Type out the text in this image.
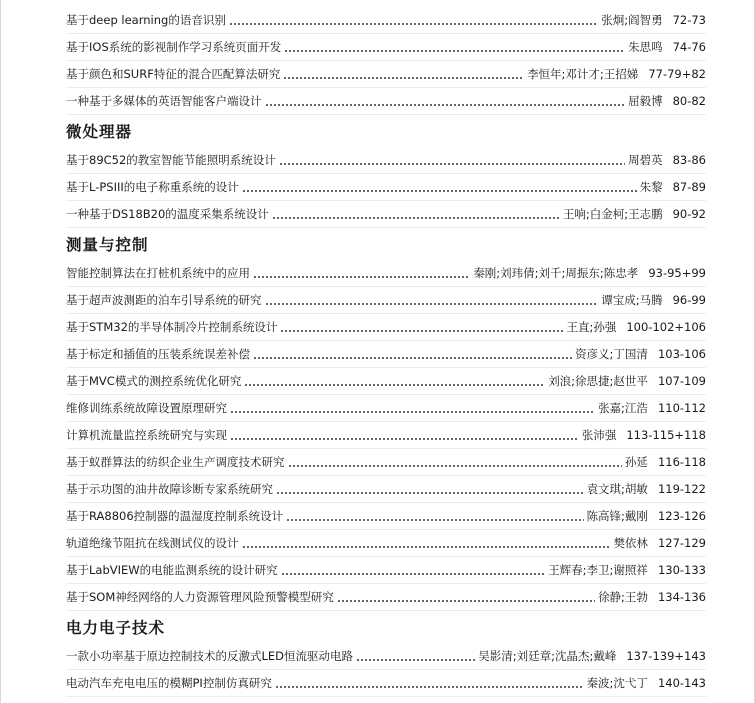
基于deep learning的语音识别	张炯;阎智勇 72-73
基于IOS系统的影视制作学习系统页面开发	朱思鸣 74-76
基于颜色和SURF特征的混合匹配算法研究	李恒年;邓计才;王招娣 77-79+82
一种基于多媒体的英语智能客户端设计	屈毅博 80-82
微处理器
基于89C52的教室智能节能照明系统设计	周碧英 83-86
基于L-PSIII的电子称重系统的设计	朱黎 87-89
一种基于DS18B20的温度采集系统设计	王响;白金柯;王志鹏 90-92
测量与控制
智能控制算法在打桩机系统中的应用	秦刚;刘玮倩;刘千;周振东;陈忠孝 93-95+99
基于超声波测距的泊车引导系统的研究	谭宝成;马腾 96-99
基于STM32的半导体制冷片控制系统设计	王直;孙强 100-102+106
基于标定和插值的压装系统误差补偿	资彦义;丁国清 103-106
基于MVC模式的测控系统优化研究	刘浪;徐思捷;赵世平 107-109
维修训练系统故障设置原理研究	张嘉;江浩 110-112
计算机流量监控系统研究与实现	张沛强 113-115+118
基于蚁群算法的纺织企业生产调度技术研究	孙延 116-118
基于示功图的油井故障诊断专家系统研究	袁文琪;胡敏 119-122
基于RA8806控制器的温湿度控制系统设计	陈高锋;戴刚 123-126
轨道绝缘节阻抗在线测试仪的设计	樊依林 127-129
基于LabVIEW的电能监测系统的设计研究	王辉春;李卫;谢照祥 130-133
基于SOM神经网络的人力资源管理风险预警模型研究	徐静;王勃 134-136
电力电子技术
一款小功率基于原边控制技术的反激式LED恒流驱动电路	吴影清;刘廷章;沈晶杰;戴峰 137-139+143
电动汽车充电电压的模糊PI控制仿真研究	秦波;沈弋丁 140-143
